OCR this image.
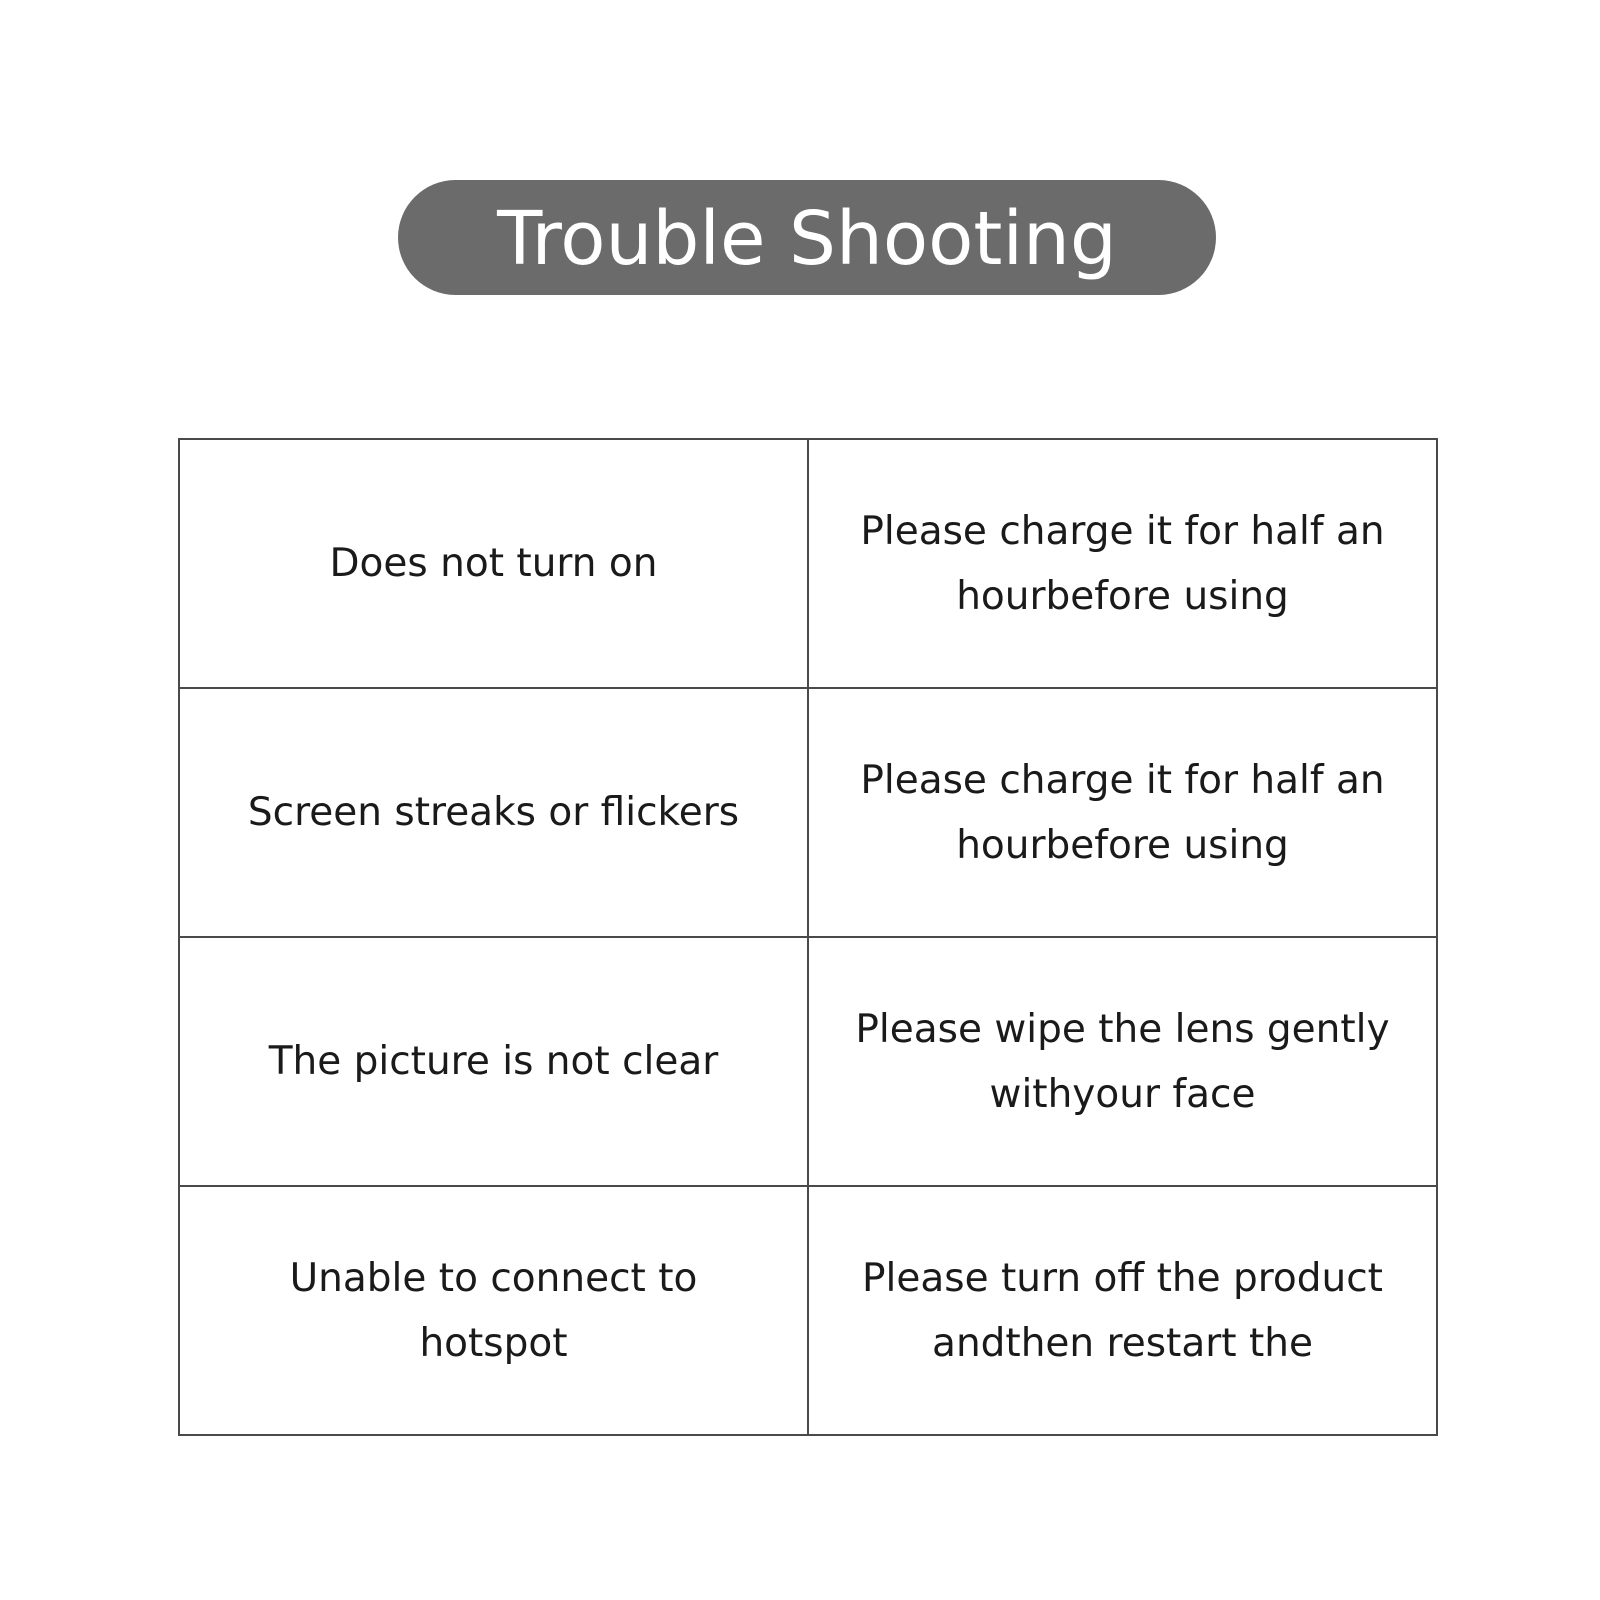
Trouble Shooting
Does not turn on	Please charge it for half an
hourbefore using
Screen streaks or flickers	Please charge it for half an
hourbefore using
The picture is not clear	Please wipe the lens gently
withyour face
Unable to connect to hotspot	Please turn off the product
andthen restart the
